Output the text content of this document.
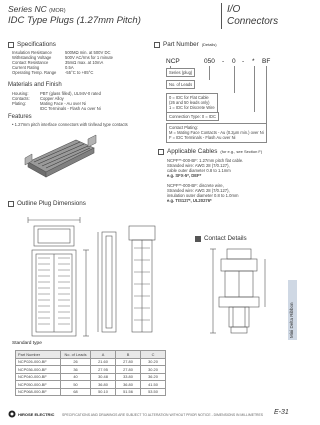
Series NC (MOR)
IDC Type Plugs (1.27mm Pitch)
I/O
Connectors
Specifications
Insulation Resistance	500MΩ min. at 500V DC
Withstanding Voltage	500V AC/rms for 1 minute
Contact Resistance	35mΩ max. at 10mA
Current Rating	0.5A
Operating Temp. Range	-55°C to +85°C
Materials and Finish
Housing:	PBT (glass filled), UL94V-0 rated
Contacts:	Copper Alloy
Plating:	Mating Face - Au over Ni
IDC Terminals - Flash Au over Ni
Features
• 1.27mm pitch interface connectors with tin/lead type contacts
Part Number (Details)
NCP	050 - 0 - * BF
Series (plug)
No. of Leads
0 = IDC for Flat Cable
(26 and 50 leads only)
1 = IDC for Discrete Wire
Connection Type: 0 = IDC
Contact Plating:
M = Mating Face Contacts - Au (0.2μm min.) over Ni
F = IDC Terminals - Flash Au over Ni
Applicable Cables (for e.g., see Section F)
NCPF**-000-BF: 1.27mm pitch flat cable.
Stranded wire: AWG 28 (7/0.127),
cable outer diameter 0.8 to 1.1mm
e.g. SFX-5*, DEF*
NCPF**-000-BF: discrete wire,
Stranded wire: AWG 28 (7/0.127),
insulation outer diameter 0.8 to 1.0mm
e.g. TIS127*, UL20276*
Outline Plug Dimensions
Contact Details
Mini Delta Ribbon
Standard type
Part Number	No. of Leads	A	B	C
NCP026-000-BF	26	21.60	27.80	30.20
NCP036-000-BF	36	27.95	27.80	30.20
NCP040-000-BF	40	30.48	33.80	36.20
NCP050-000-BF	50	36.80	36.80	41.50
NCP068-000-BF	68	50.10	51.56	53.50
HIROSE ELECTRIC SPECIFICATIONS AND DRAWINGS ARE SUBJECT TO ALTERATION WITHOUT PRIOR NOTICE - DIMENSIONS IN MILLIMETRES E-31
